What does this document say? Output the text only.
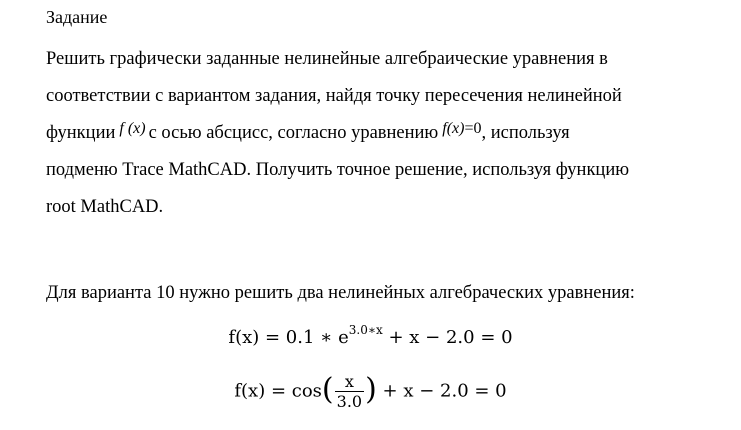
Задание
Решить графически заданные нелинейные алгебраические уравнения в
соответствии с вариантом задания, найдя точку пересечения нелинейной
функции f (x) с осью абсцисс, согласно уравнению f(x)=0, используя
подменю Trace MathCAD. Получить точное решение, используя функцию
root MathCAD.
Для варианта 10 нужно решить два нелинейных алгебраческих уравнения:
f(x) = 0.1 ∗ $e^{3.0∗x} + x - 2.0 = 0$
$f(x) = \cos( \frac{x}{3.0}$ ) + x − 2.0 = 0
